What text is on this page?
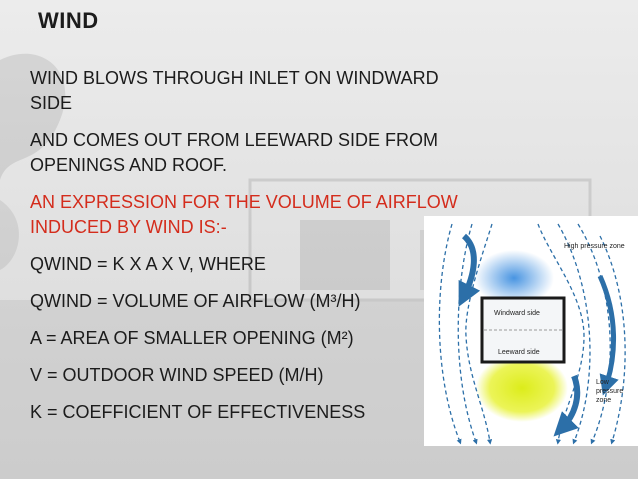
WIND

WIND BLOWS THROUGH INLET ON WINDWARD

SIDE

AND COMES OUT FROM LEEWARD SIDE FROM

OPENINGS AND ROOF.

AN EXPRESSION FOR THE VOLUME OF AIRFLOW

INDUCED BY WIND IS:-

QWIND = K X A X V, WHERE

QWIND = VOLUME OF AIRFLOW (M³/H)

A = AREA OF SMALLER OPENING (M²)

V = OUTDOOR WIND SPEED (M/H)

K = COEFFICIENT OF EFFECTIVENESS

High pressure zone
Windward side
Leeward side
Low
pressure
zone
